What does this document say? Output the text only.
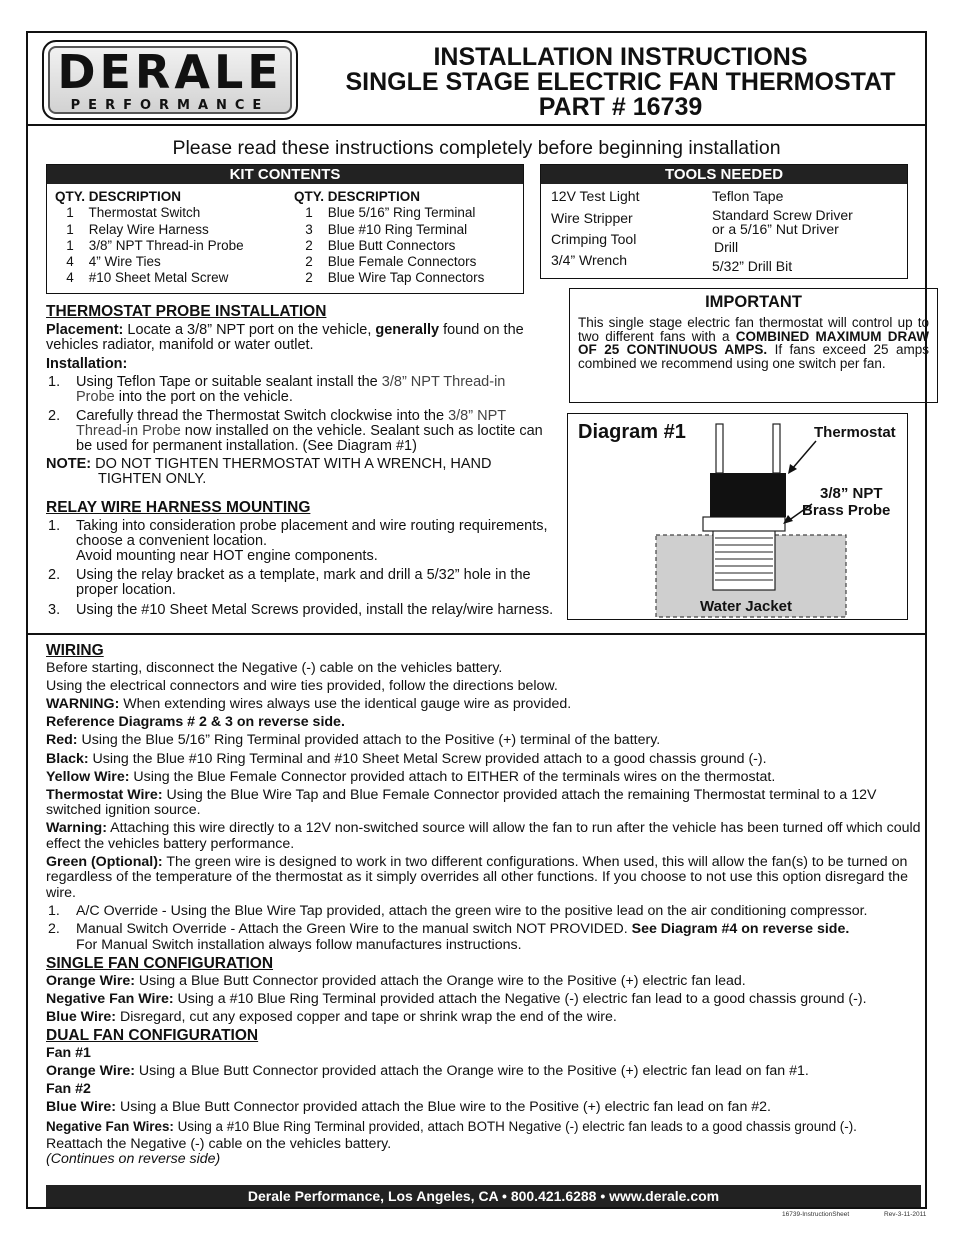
DERALE
PERFORMANCE
INSTALLATION INSTRUCTIONS
SINGLE STAGE ELECTRIC FAN THERMOSTAT
PART # 16739
Please read these instructions completely before beginning installation
KIT CONTENTS
QTY. DESCRIPTION
1 Thermostat Switch
1 Relay Wire Harness
1 3/8” NPT Thread-in Probe
4 4” Wire Ties
4 #10 Sheet Metal Screw
QTY. DESCRIPTION
1 Blue 5/16” Ring Terminal
3 Blue #10 Ring Terminal
2 Blue Butt Connectors
2 Blue Female Connectors
2 Blue Wire Tap Connectors
TOOLS NEEDED
12V Test Light
Wire Stripper
Crimping Tool
3/4” Wrench
Teflon Tape
Standard Screw Driver
or a 5/16” Nut Driver
Drill
5/32” Drill Bit
IMPORTANT
This single stage electric fan thermostat will control up to two different fans with a COMBINED MAXIMUM DRAW OF 25 CONTINUOUS AMPS. If fans exceed 25 amps combined we recommend using one switch per fan.
Diagram #1	Thermostat
3/8” NPT
Brass Probe
Water Jacket
THERMOSTAT PROBE INSTALLATION
Placement: Locate a 3/8” NPT port on the vehicle, generally found on the vehicles radiator, manifold or water outlet.
Installation:
1. Using Teflon Tape or suitable sealant install the 3/8” NPT Thread-in Probe into the port on the vehicle.
2. Carefully thread the Thermostat Switch clockwise into the 3/8” NPT Thread-in Probe now installed on the vehicle. Sealant such as loctite can be used for permanent installation. (See Diagram #1)
NOTE: DO NOT TIGHTEN THERMOSTAT WITH A WRENCH, HAND
TIGHTEN ONLY.
RELAY WIRE HARNESS MOUNTING
1. Taking into consideration probe placement and wire routing requirements, choose a convenient location.
Avoid mounting near HOT engine components.
2. Using the relay bracket as a template, mark and drill a 5/32” hole in the proper location.
3. Using the #10 Sheet Metal Screws provided, install the relay/wire harness.

WIRING

Before starting, disconnect the Negative (-) cable on the vehicles battery.

Using the electrical connectors and wire ties provided, follow the directions below.

WARNING: When extending wires always use the identical gauge wire as provided.

Reference Diagrams # 2 & 3 on reverse side.

Red: Using the Blue 5/16” Ring Terminal provided attach to the Positive (+) terminal of the battery.

Black: Using the Blue #10 Ring Terminal and #10 Sheet Metal Screw provided attach to a good chassis ground (-).

Yellow Wire: Using the Blue Female Connector provided attach to EITHER of the terminals wires on the thermostat.

Thermostat Wire: Using the Blue Wire Tap and Blue Female Connector provided attach the remaining Thermostat terminal to a 12V switched ignition source.

Warning: Attaching this wire directly to a 12V non-switched source will allow the fan to run after the vehicle has been turned off which could effect the vehicles battery performance.

Green (Optional): The green wire is designed to work in two different configurations. When used, this will allow the fan(s) to be turned on regardless of the temperature of the thermostat as it simply overrides all other functions. If you choose to not use this option disregard the wire.

1. A/C Override - Using the Blue Wire Tap provided, attach the green wire to the positive lead on the air conditioning compressor.

2. Manual Switch Override - Attach the Green Wire to the manual switch NOT PROVIDED. See Diagram #4 on reverse side.
For Manual Switch installation always follow manufactures instructions.

SINGLE FAN CONFIGURATION

Orange Wire: Using a Blue Butt Connector provided attach the Orange wire to the Positive (+) electric fan lead.

Negative Fan Wire: Using a #10 Blue Ring Terminal provided attach the Negative (-) electric fan lead to a good chassis ground (-).

Blue Wire: Disregard, cut any exposed copper and tape or shrink wrap the end of the wire.

DUAL FAN CONFIGURATION

Fan #1

Orange Wire: Using a Blue Butt Connector provided attach the Orange wire to the Positive (+) electric fan lead on fan #1.

Fan #2

Blue Wire: Using a Blue Butt Connector provided attach the Blue wire to the Positive (+) electric fan lead on fan #2.

Negative Fan Wires: Using a #10 Blue Ring Terminal provided, attach BOTH Negative (-) electric fan leads to a good chassis ground (-).

Reattach the Negative (-) cable on the vehicles battery.

(Continues on reverse side)

Derale Performance, Los Angeles, CA • 800.421.6288 • www.derale.com
16739-InstructionSheet	Rev-3-11-2011
